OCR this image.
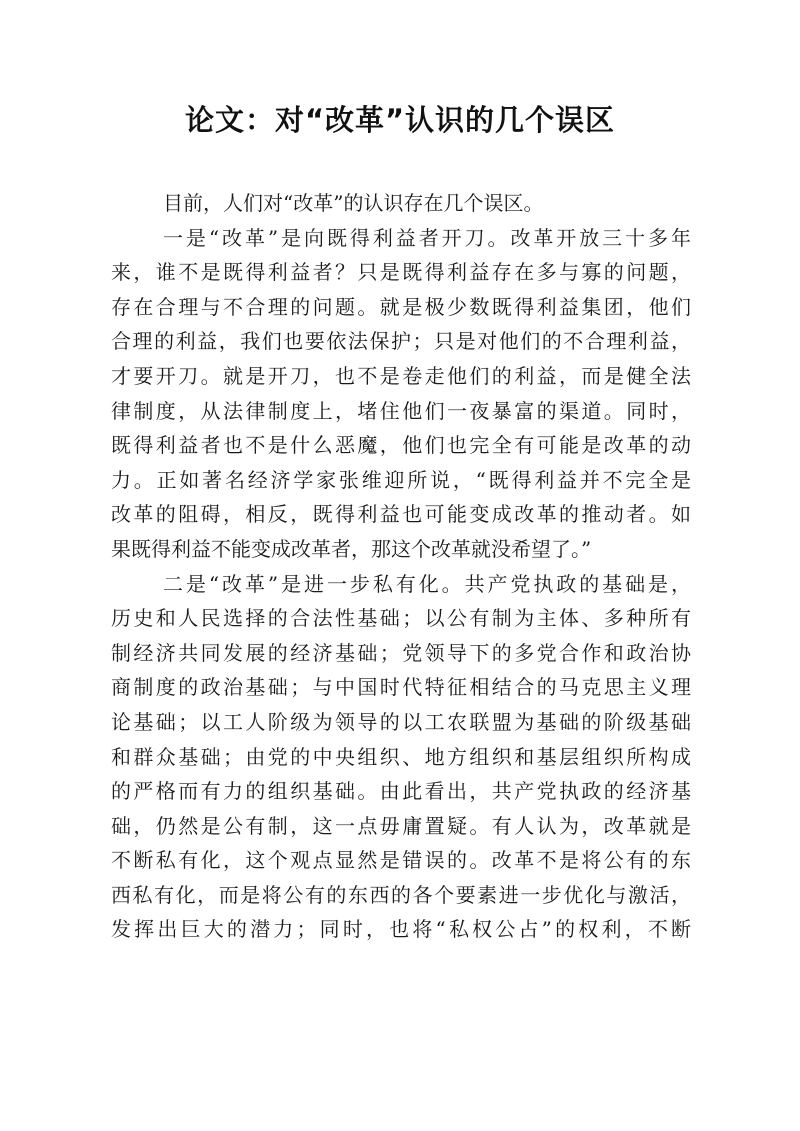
论文：对“改革”认识的几个误区
目前，人们对“改革”的认识存在几个误区。
一是“改革”是向既得利益者开刀。改革开放三十多年
来，谁不是既得利益者？只是既得利益存在多与寡的问题，
存在合理与不合理的问题。就是极少数既得利益集团，他们
合理的利益，我们也要依法保护；只是对他们的不合理利益，
才要开刀。就是开刀，也不是卷走他们的利益，而是健全法
律制度，从法律制度上，堵住他们一夜暴富的渠道。同时，
既得利益者也不是什么恶魔，他们也完全有可能是改革的动
力。正如著名经济学家张维迎所说，“既得利益并不完全是
改革的阻碍，相反，既得利益也可能变成改革的推动者。如
果既得利益不能变成改革者，那这个改革就没希望了。”
二是“改革”是进一步私有化。共产党执政的基础是，
历史和人民选择的合法性基础；以公有制为主体、多种所有
制经济共同发展的经济基础；党领导下的多党合作和政治协
商制度的政治基础；与中国时代特征相结合的马克思主义理
论基础；以工人阶级为领导的以工农联盟为基础的阶级基础
和群众基础；由党的中央组织、地方组织和基层组织所构成
的严格而有力的组织基础。由此看出，共产党执政的经济基
础，仍然是公有制，这一点毋庸置疑。有人认为，改革就是
不断私有化，这个观点显然是错误的。改革不是将公有的东
西私有化，而是将公有的东西的各个要素进一步优化与激活，
发挥出巨大的潜力；同时，也将“私权公占”的权利，不断
